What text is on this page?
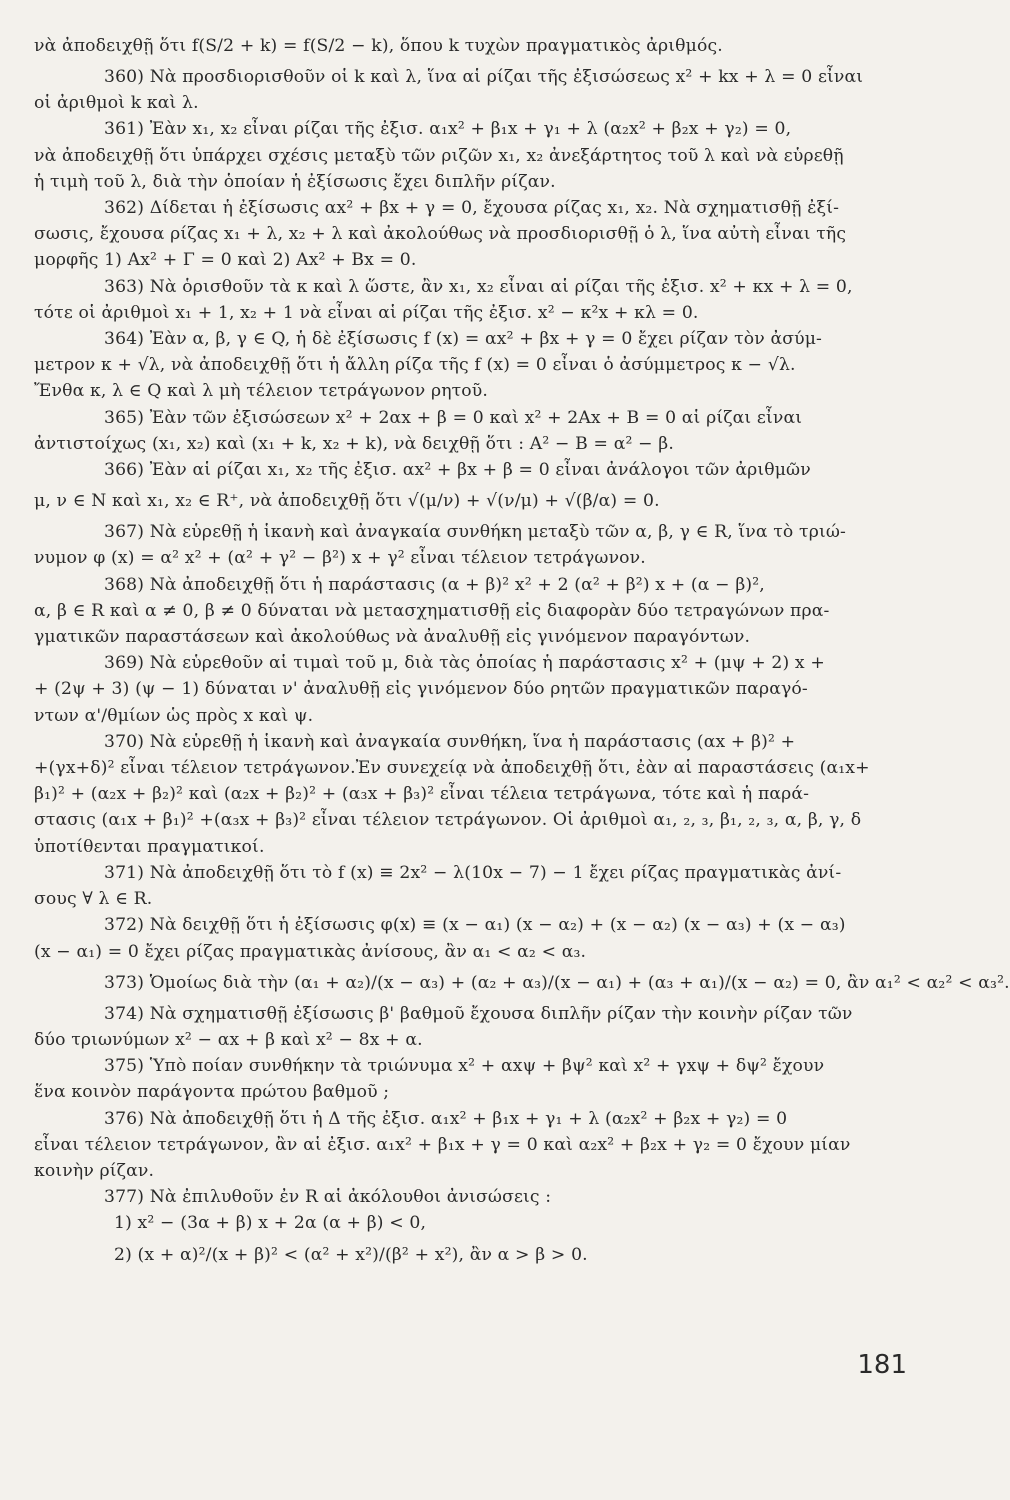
νὰ ἀποδειχθῇ ὅτι f(S/2 + k) = f(S/2 − k), ὅπου k τυχὼν πραγματικὸς ἀριθμός.
360) Νὰ προσδιορισθοῦν οἱ k καὶ λ, ἵνα αἱ ρίζαι τῆς ἐξισώσεως x² + kx + λ = 0 εἶναι
οἱ ἀριθμοὶ k καὶ λ.
361) Ἐὰν x₁, x₂ εἶναι ρίζαι τῆς ἐξισ. α₁x² + β₁x + γ₁ + λ (α₂x² + β₂x + γ₂) = 0,
νὰ ἀποδειχθῇ ὅτι ὑπάρχει σχέσις μεταξὺ τῶν ριζῶν x₁, x₂ ἀνεξάρτητος τοῦ λ καὶ νὰ εὑρεθῇ
ἡ τιμὴ τοῦ λ, διὰ τὴν ὁποίαν ἡ ἐξίσωσις ἔχει διπλῆν ρίζαν.
362) Δίδεται ἡ ἐξίσωσις αx² + βx + γ = 0, ἔχουσα ρίζας x₁, x₂. Νὰ σχηματισθῇ ἐξί-
σωσις, ἔχουσα ρίζας x₁ + λ, x₂ + λ καὶ ἀκολούθως νὰ προσδιορισθῇ ὁ λ, ἵνα αὐτὴ εἶναι τῆς
μορφῆς 1) Ax² + Γ = 0 καὶ 2) Ax² + Bx = 0.
363) Νὰ ὁρισθοῦν τὰ κ καὶ λ ὥστε, ἂν x₁, x₂ εἶναι αἱ ρίζαι τῆς ἐξισ. x² + κx + λ = 0,
τότε οἱ ἀριθμοὶ x₁ + 1, x₂ + 1 νὰ εἶναι αἱ ρίζαι τῆς ἐξισ. x² − κ²x + κλ = 0.
364) Ἐὰν α, β, γ ∈ Q, ἡ δὲ ἐξίσωσις f (x) = αx² + βx + γ = 0 ἔχει ρίζαν τὸν ἀσύμ-
μετρον κ + √λ, νὰ ἀποδειχθῇ ὅτι ἡ ἄλλη ρίζα τῆς f (x) = 0 εἶναι ὁ ἀσύμμετρος κ − √λ.
Ἔνθα κ, λ ∈ Q καὶ λ μὴ τέλειον τετράγωνον ρητοῦ.
365) Ἐὰν τῶν ἐξισώσεων x² + 2αx + β = 0 καὶ x² + 2Ax + B = 0 αἱ ρίζαι εἶναι
ἀντιστοίχως (x₁, x₂) καὶ (x₁ + k, x₂ + k), νὰ δειχθῇ ὅτι : A² − B = α² − β.
366) Ἐὰν αἱ ρίζαι x₁, x₂ τῆς ἐξισ. αx² + βx + β = 0 εἶναι ἀνάλογοι τῶν ἀριθμῶν
μ, ν ∈ N καὶ x₁, x₂ ∈ R⁺, νὰ ἀποδειχθῇ ὅτι √(μ/ν) + √(ν/μ) + √(β/α) = 0.
367) Νὰ εὑρεθῇ ἡ ἱκανὴ καὶ ἀναγκαία συνθήκη μεταξὺ τῶν α, β, γ ∈ R, ἵνα τὸ τριώ-
νυμον φ (x) = α² x² + (α² + γ² − β²) x + γ² εἶναι τέλειον τετράγωνον.
368) Νὰ ἀποδειχθῇ ὅτι ἡ παράστασις (α + β)² x² + 2 (α² + β²) x + (α − β)²,
α, β ∈ R καὶ α ≠ 0, β ≠ 0 δύναται νὰ μετασχηματισθῇ εἰς διαφορὰν δύο τετραγώνων πρα-
γματικῶν παραστάσεων καὶ ἀκολούθως νὰ ἀναλυθῇ εἰς γινόμενον παραγόντων.
369) Νὰ εὑρεθοῦν αἱ τιμαὶ τοῦ μ, διὰ τὰς ὁποίας ἡ παράστασις x² + (μψ + 2) x +
+ (2ψ + 3) (ψ − 1) δύναται ν' ἀναλυθῇ εἰς γινόμενον δύο ρητῶν πραγματικῶν παραγό-
ντων α'/θμίων ὡς πρὸς x καὶ ψ.
370) Νὰ εὑρεθῇ ἡ ἱκανὴ καὶ ἀναγκαία συνθήκη, ἵνα ἡ παράστασις (αx + β)² +
+(γx+δ)² εἶναι τέλειον τετράγωνον.Ἐν συνεχείᾳ νὰ ἀποδειχθῇ ὅτι, ἐὰν αἱ παραστάσεις (α₁x+
β₁)² + (α₂x + β₂)² καὶ (α₂x + β₂)² + (α₃x + β₃)² εἶναι τέλεια τετράγωνα, τότε καὶ ἡ παρά-
στασις (α₁x + β₁)² +(α₃x + β₃)² εἶναι τέλειον τετράγωνον. Οἱ ἀριθμοὶ α₁, ₂, ₃, β₁, ₂, ₃, α, β, γ, δ
ὑποτίθενται πραγματικοί.
371) Νὰ ἀποδειχθῇ ὅτι τὸ f (x) ≡ 2x² − λ(10x − 7) − 1 ἔχει ρίζας πραγματικὰς ἀνί-
σους ∀ λ ∈ R.
372) Νὰ δειχθῇ ὅτι ἡ ἐξίσωσις φ(x) ≡ (x − α₁) (x − α₂) + (x − α₂) (x − α₃) + (x − α₃)
(x − α₁) = 0 ἔχει ρίζας πραγματικὰς ἀνίσους, ἂν α₁ < α₂ < α₃.
373) Ὁμοίως διὰ τὴν (α₁ + α₂)/(x − α₃) + (α₂ + α₃)/(x − α₁) + (α₃ + α₁)/(x − α₂) = 0, ἂν α₁² < α₂² < α₃².
374) Νὰ σχηματισθῇ ἐξίσωσις β' βαθμοῦ ἔχουσα διπλῆν ρίζαν τὴν κοινὴν ρίζαν τῶν
δύο τριωνύμων x² − αx + β καὶ x² − 8x + α.
375) Ὑπὸ ποίαν συνθήκην τὰ τριώνυμα x² + αxψ + βψ² καὶ x² + γxψ + δψ² ἔχουν
ἕνα κοινὸν παράγοντα πρώτου βαθμοῦ ;
376) Νὰ ἀποδειχθῇ ὅτι ἡ Δ τῆς ἐξισ. α₁x² + β₁x + γ₁ + λ (α₂x² + β₂x + γ₂) = 0
εἶναι τέλειον τετράγωνον, ἂν αἱ ἐξισ. α₁x² + β₁x + γ = 0 καὶ α₂x² + β₂x + γ₂ = 0 ἔχουν μίαν
κοινὴν ρίζαν.
377) Νὰ ἐπιλυθοῦν ἐν R αἱ ἀκόλουθοι ἀνισώσεις :
1) x² − (3α + β) x + 2α (α + β) < 0,
2) (x + α)²/(x + β)² < (α² + x²)/(β² + x²), ἂν α > β > 0.
181
